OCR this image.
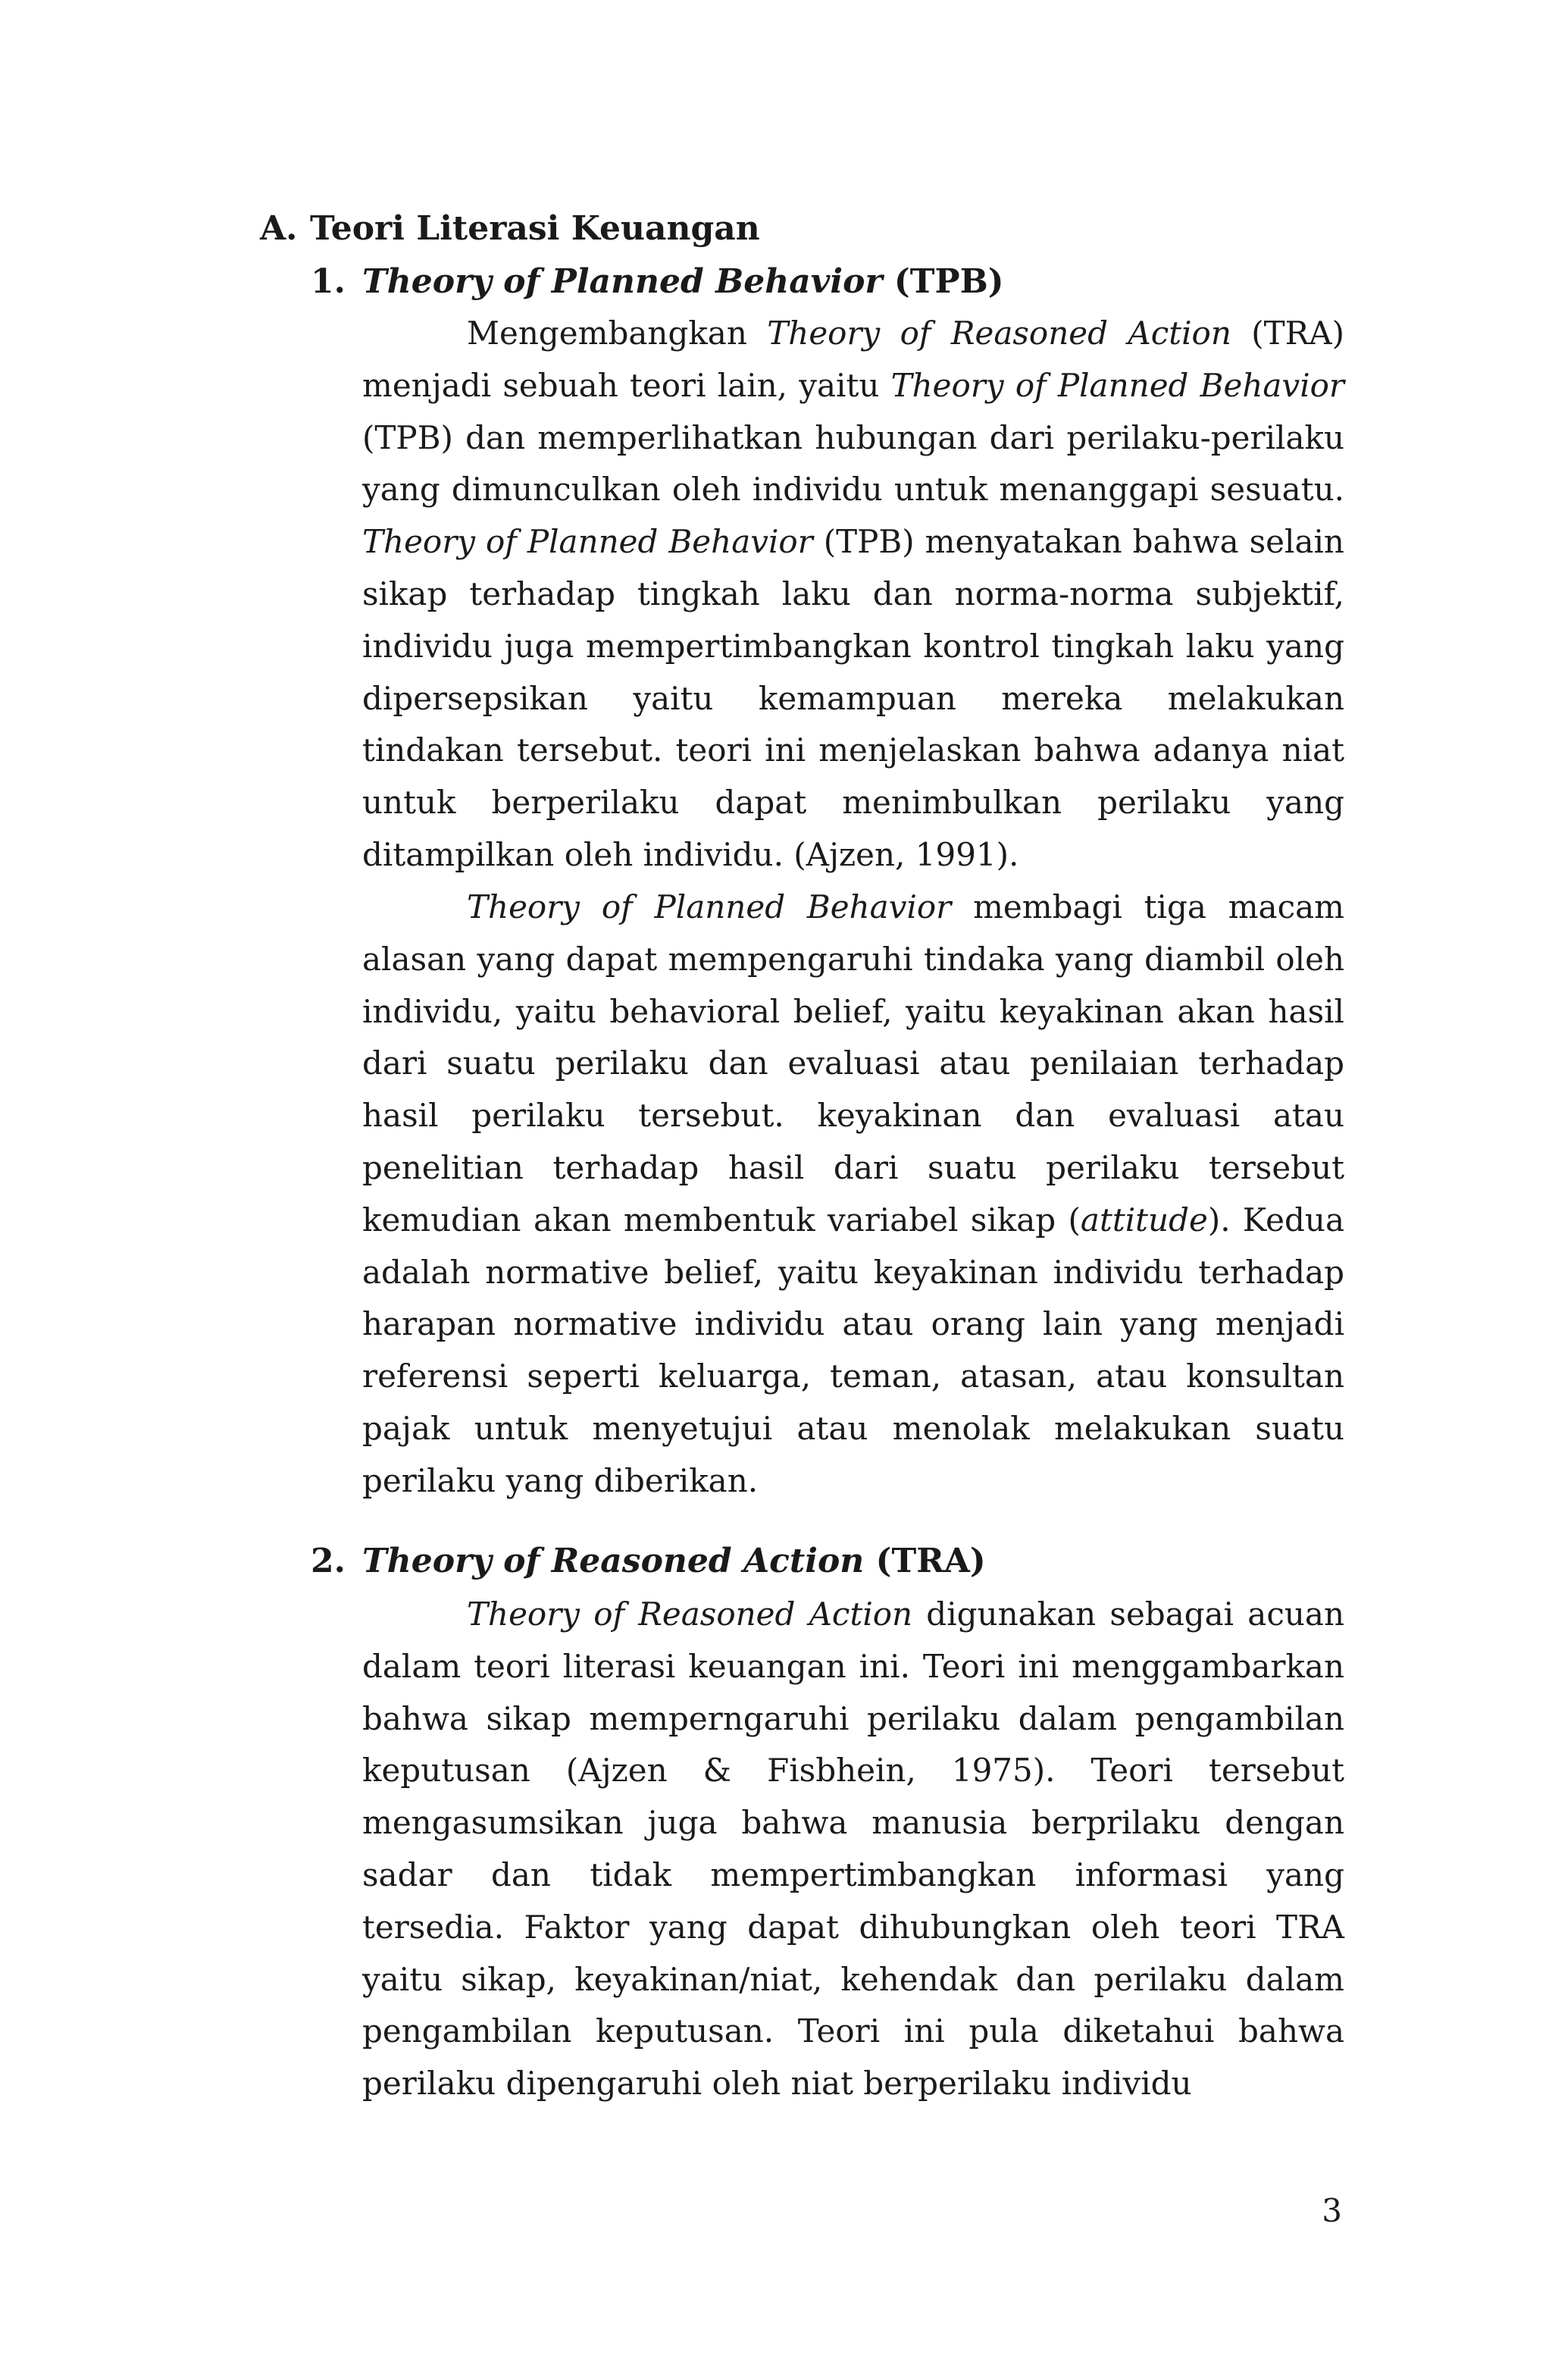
A. Teori Literasi Keuangan
1. Theory of Planned Behavior (TPB)

Mengembangkan Theory of Reasoned Action (TRA) menjadi sebuah teori lain, yaitu Theory of Planned Behavior (TPB) dan memperlihatkan hubungan dari perilaku-perilaku yang dimunculkan oleh individu untuk menanggapi sesuatu. Theory of Planned Behavior (TPB) menyatakan bahwa selain sikap terhadap tingkah laku dan norma-norma subjektif, individu juga mempertimbangkan kontrol tingkah laku yang dipersepsikan yaitu kemampuan mereka melakukan tindakan tersebut. teori ini menjelaskan bahwa adanya niat untuk berperilaku dapat menimbulkan perilaku yang ditampilkan oleh individu. (Ajzen, 1991).

Theory of Planned Behavior membagi tiga macam alasan yang dapat mempengaruhi tindaka yang diambil oleh individu, yaitu behavioral belief, yaitu keyakinan akan hasil dari suatu perilaku dan evaluasi atau penilaian terhadap hasil perilaku tersebut. keyakinan dan evaluasi atau penelitian terhadap hasil dari suatu perilaku tersebut kemudian akan membentuk variabel sikap (attitude). Kedua adalah normative belief, yaitu keyakinan individu terhadap harapan normative individu atau orang lain yang menjadi referensi seperti keluarga, teman, atasan, atau konsultan pajak untuk menyetujui atau menolak melakukan suatu perilaku yang diberikan.

2. Theory of Reasoned Action (TRA)

Theory of Reasoned Action digunakan sebagai acuan dalam teori literasi keuangan ini. Teori ini menggambarkan bahwa sikap memperngaruhi perilaku dalam pengambilan keputusan (Ajzen & Fisbhein, 1975). Teori tersebut mengasumsikan juga bahwa manusia berprilaku dengan sadar dan tidak mempertimbangkan informasi yang tersedia. Faktor yang dapat dihubungkan oleh teori TRA yaitu sikap, keyakinan/niat, kehendak dan perilaku dalam pengambilan keputusan. Teori ini pula diketahui bahwa perilaku dipengaruhi oleh niat berperilaku individu

3
